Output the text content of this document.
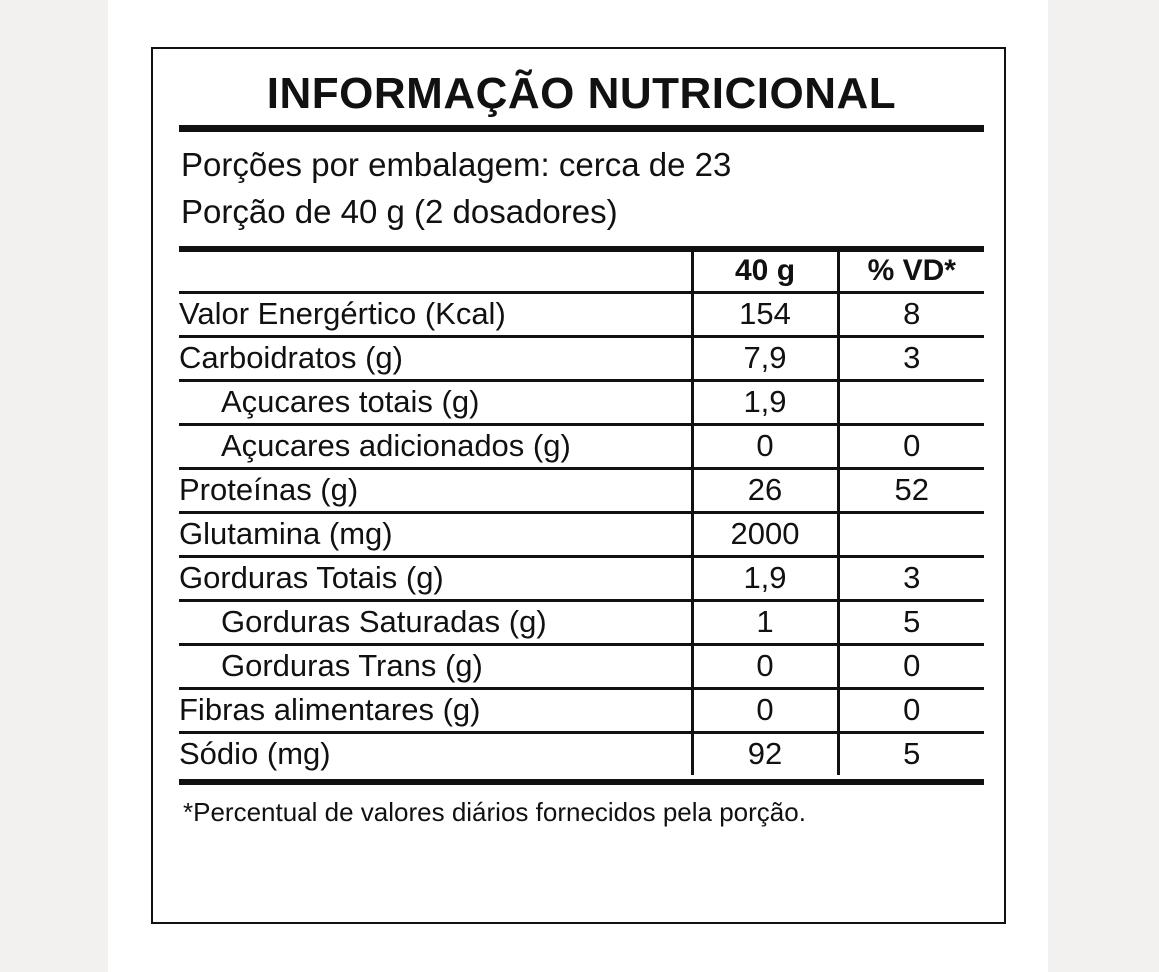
INFORMAÇÃO NUTRICIONAL
Porções por embalagem: cerca de 23
Porção de 40 g (2 dosadores)
	40 g	% VD*
Valor Energértico (Kcal)	154	8
Carboidratos (g)	7,9	3
Açucares totais (g)	1,9	
Açucares adicionados (g)	0	0
Proteínas (g)	26	52
Glutamina (mg)	2000	
Gorduras Totais (g)	1,9	3
Gorduras Saturadas (g)	1	5
Gorduras Trans (g)	0	0
Fibras alimentares (g)	0	0
Sódio (mg)	92	5
*Percentual de valores diários fornecidos pela porção.
